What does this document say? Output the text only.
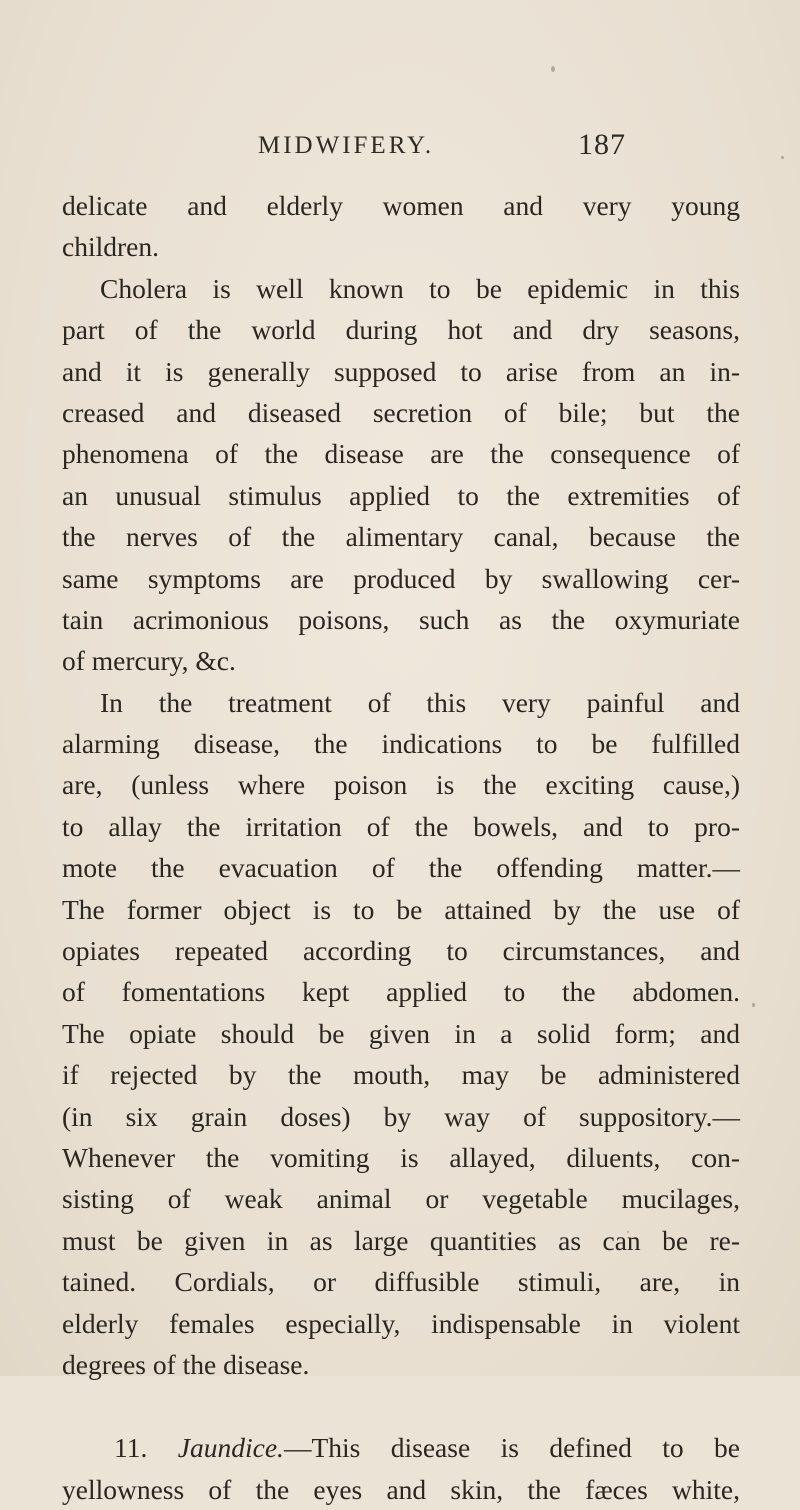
MIDWIFERY.	187
delicate and elderly women and very young
children.
Cholera is well known to be epidemic in this
part of the world during hot and dry seasons,
and it is generally supposed to arise from an in-
creased and diseased secretion of bile; but the
phenomena of the disease are the consequence of
an unusual stimulus applied to the extremities of
the nerves of the alimentary canal, because the
same symptoms are produced by swallowing cer-
tain acrimonious poisons, such as the oxymuriate
of mercury, &c.
In the treatment of this very painful and
alarming disease, the indications to be fulfilled
are, (unless where poison is the exciting cause,)
to allay the irritation of the bowels, and to pro-
mote the evacuation of the offending matter.—
The former object is to be attained by the use of
opiates repeated according to circumstances, and
of fomentations kept applied to the abdomen.
The opiate should be given in a solid form; and
if rejected by the mouth, may be administered
(in six grain doses) by way of suppository.—
Whenever the vomiting is allayed, diluents, con-
sisting of weak animal or vegetable mucilages,
must be given in as large quantities as can be re-
tained. Cordials, or diffusible stimuli, are, in
elderly females especially, indispensable in violent
degrees of the disease.
11. Jaundice.—This disease is defined to be
yellowness of the eyes and skin, the fæces white,
